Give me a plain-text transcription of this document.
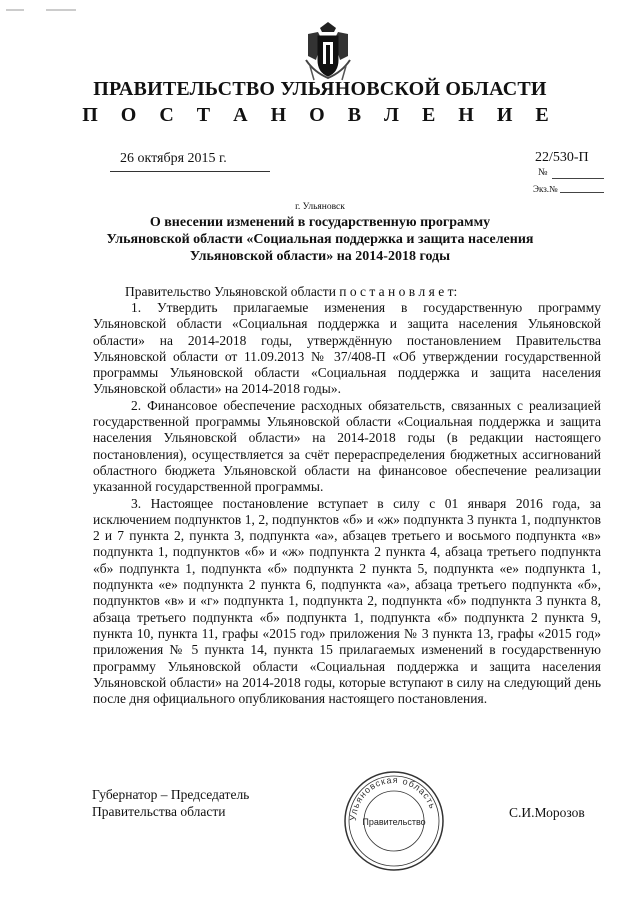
ПРАВИТЕЛЬСТВО УЛЬЯНОВСКОЙ ОБЛАСТИ
П О С Т А Н О В Л Е Н И Е
26 октября 2015 г.	22/530-П
№
Экз.№
г. Ульяновск
О внесении изменений в государственную программу
Ульяновской области «Социальная поддержка и защита населения
Ульяновской области» на 2014-2018 годы
Правительство Ульяновской области п о с т а н о в л я е т:

1. Утвердить прилагаемые изменения в государственную программу Ульяновской области «Социальная поддержка и защита населения Ульяновской области» на 2014-2018 годы, утверждённую постановлением Правительства Ульяновской области от 11.09.2013 № 37/408-П «Об утверждении государственной программы Ульяновской области «Социальная поддержка и защита населения Ульяновской области» на 2014-2018 годы».

2. Финансовое обеспечение расходных обязательств, связанных с реализацией государственной программы Ульяновской области «Социальная поддержка и защита населения Ульяновской области» на 2014-2018 годы (в редакции настоящего постановления), осуществляется за счёт перераспределения бюджетных ассигнований областного бюджета Ульяновской области на финансовое обеспечение реализации указанной государственной программы.

3. Настоящее постановление вступает в силу с 01 января 2016 года, за исключением подпунктов 1, 2, подпунктов «б» и «ж» подпункта 3 пункта 1, подпунктов 2 и 7 пункта 2, пункта 3, подпункта «а», абзацев третьего и восьмого подпункта «в» подпункта 1, подпунктов «б» и «ж» подпункта 2 пункта 4, абзаца третьего подпункта «б» подпункта 1, подпункта «б» подпункта 2 пункта 5, подпункта «е» подпункта 1, подпункта «е» подпункта 2 пункта 6, подпункта «а», абзаца третьего подпункта «б», подпунктов «в» и «г» подпункта 1, подпункта 2, подпункта «б» подпункта 3 пункта 8, абзаца третьего подпункта «б» подпункта 1, подпункта «б» подпункта 2 пункта 9, пункта 10, пункта 11, графы «2015 год» приложения № 3 пункта 13, графы «2015 год» приложения № 5 пункта 14, пункта 15 прилагаемых изменений в государственную программу Ульяновской области «Социальная поддержка и защита населения Ульяновской области» на 2014-2018 годы, которые вступают в силу на следующий день после дня официального опубликования настоящего постановления.

Губернатор – Председатель
Правительства области	Ульяновская область
Правительство
С.И.Морозов
